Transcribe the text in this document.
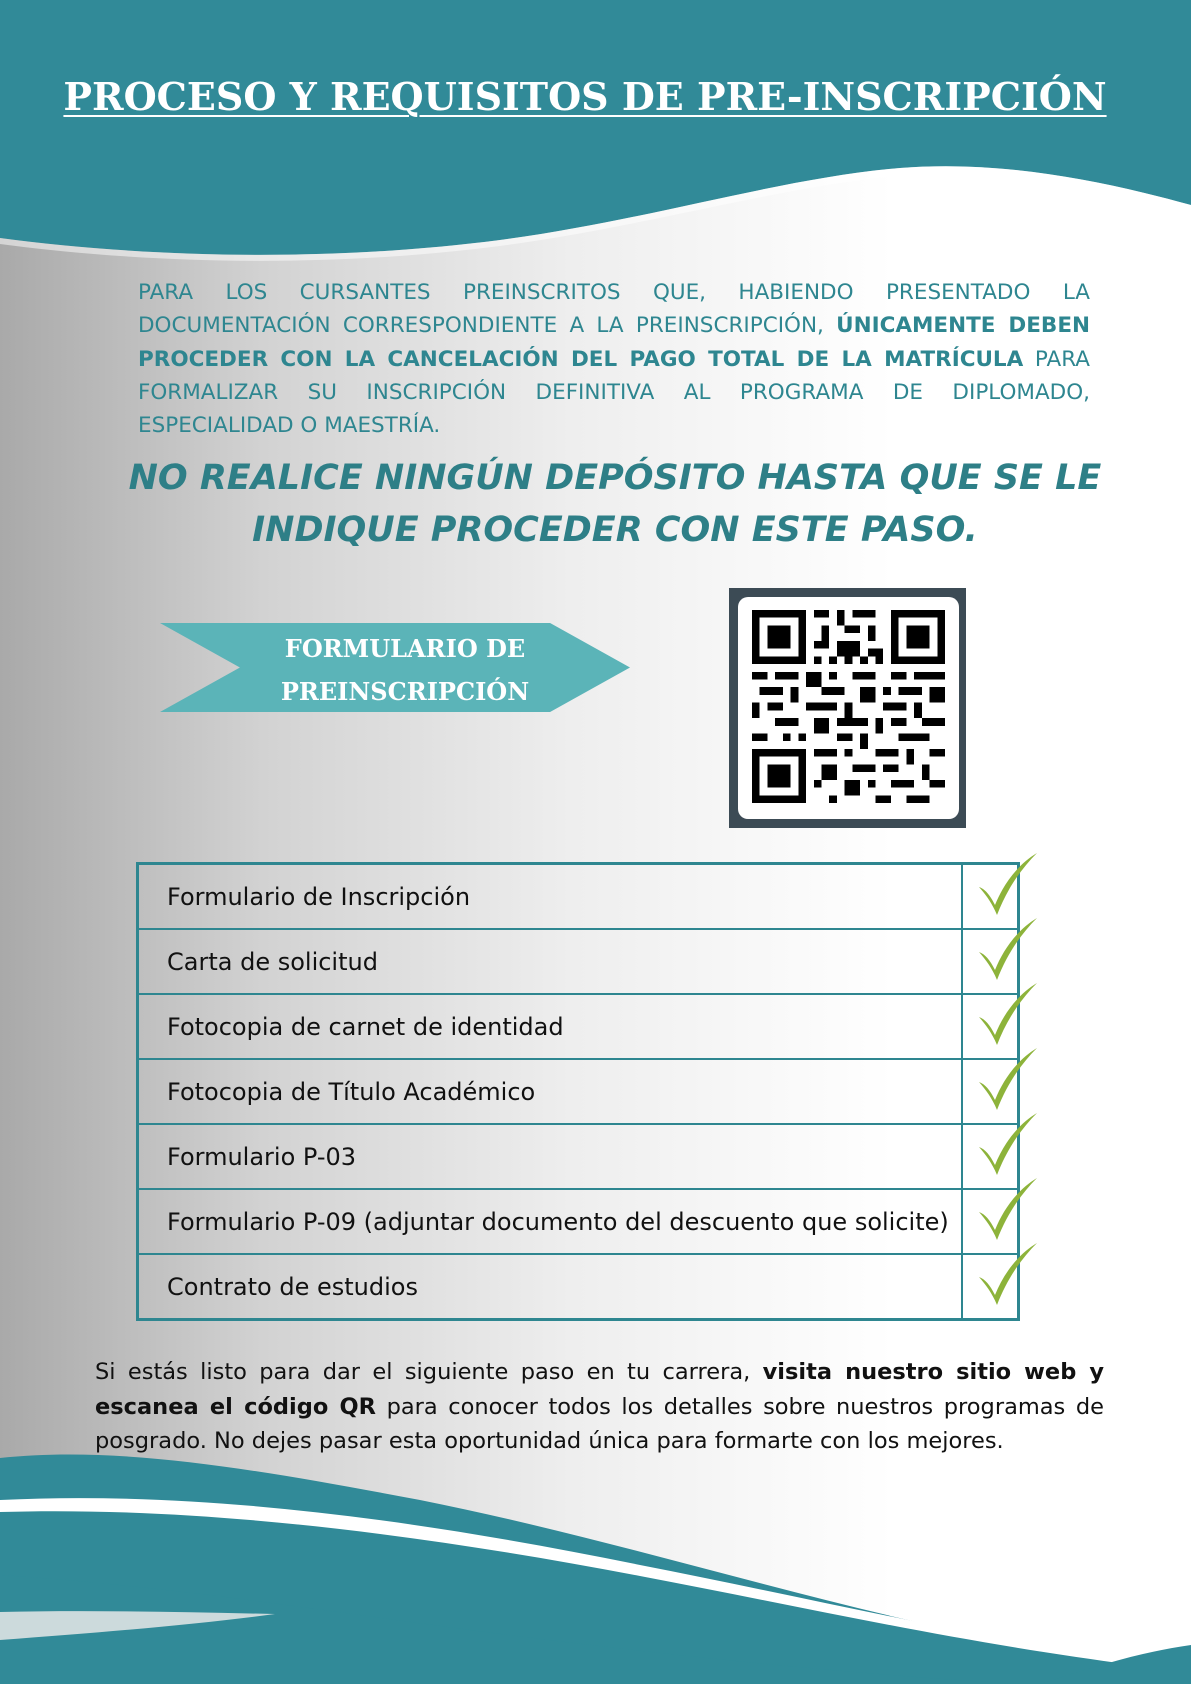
PROCESO Y REQUISITOS DE PRE-INSCRIPCIÓN

PARA LOS CURSANTES PREINSCRITOS QUE, HABIENDO PRESENTADO LA DOCUMENTACIÓN CORRESPONDIENTE A LA PREINSCRIPCIÓN, ÚNICAMENTE DEBEN PROCEDER CON LA CANCELACIÓN DEL PAGO TOTAL DE LA MATRÍCULA PARA FORMALIZAR SU INSCRIPCIÓN DEFINITIVA AL PROGRAMA DE DIPLOMADO, ESPECIALIDAD O MAESTRÍA.

NO REALICE NINGÚN DEPÓSITO HASTA QUE SE LE
INDIQUE PROCEDER CON ESTE PASO.
FORMULARIO DE
PREINSCRIPCIÓN
Formulario de Inscripción	

Carta de solicitud	

Fotocopia de carnet de identidad	

Fotocopia de Título Académico	

Formulario P-03	

Formulario P-09 (adjuntar documento del descuento que solicite)	

Contrato de estudios	

Si estás listo para dar el siguiente paso en tu carrera, visita nuestro sitio web y escanea el código QR para conocer todos los detalles sobre nuestros programas de posgrado. No dejes pasar esta oportunidad única para formarte con los mejores.
